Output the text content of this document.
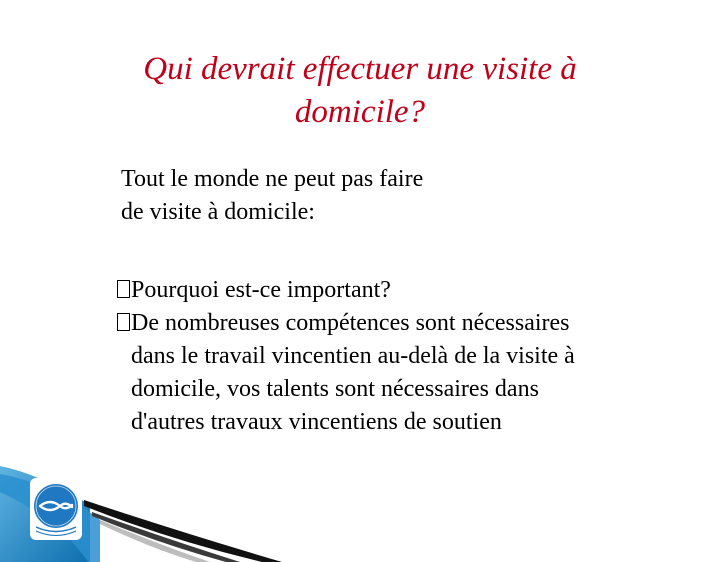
Qui devrait effectuer une visite à
domicile?
Tout le monde ne peut pas faire
de visite à domicile:
Pourquoi est-ce important?
De nombreuses compétences sont nécessaires
dans le travail vincentien au-delà de la visite à
domicile, vos talents sont nécessaires dans
d'autres travaux vincentiens de soutien
